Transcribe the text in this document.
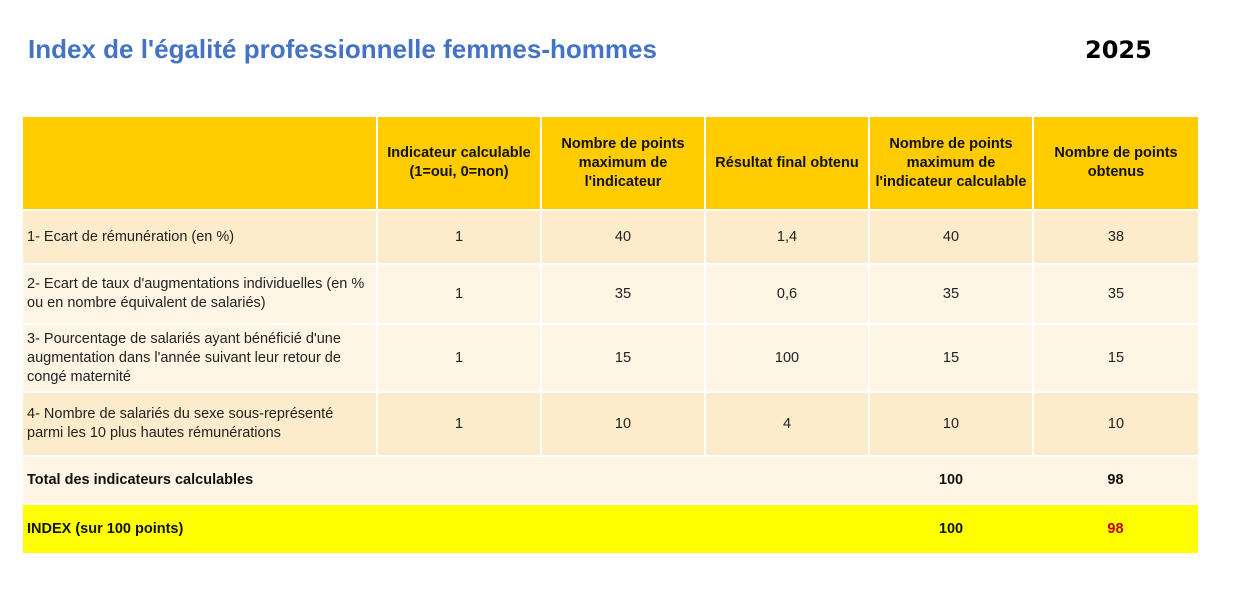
Index de l'égalité professionnelle femmes-hommes	2025
	Indicateur calculable (1=oui, 0=non)	Nombre de points maximum de l'indicateur	Résultat final obtenu	Nombre de points maximum de l'indicateur calculable	Nombre de points obtenus
1- Ecart de rémunération (en %)	1	40	1,4	40	38
2- Ecart de taux d'augmentations individuelles (en % ou en nombre équivalent de salariés)	1	35	0,6	35	35
3- Pourcentage de salariés ayant bénéficié d'une augmentation dans l'année suivant leur retour de congé maternité	1	15	100	15	15
4- Nombre de salariés du sexe sous-représenté parmi les 10 plus hautes rémunérations	1	10	4	10	10
Total des indicateurs calculables				100	98
INDEX (sur 100 points)				100	98
